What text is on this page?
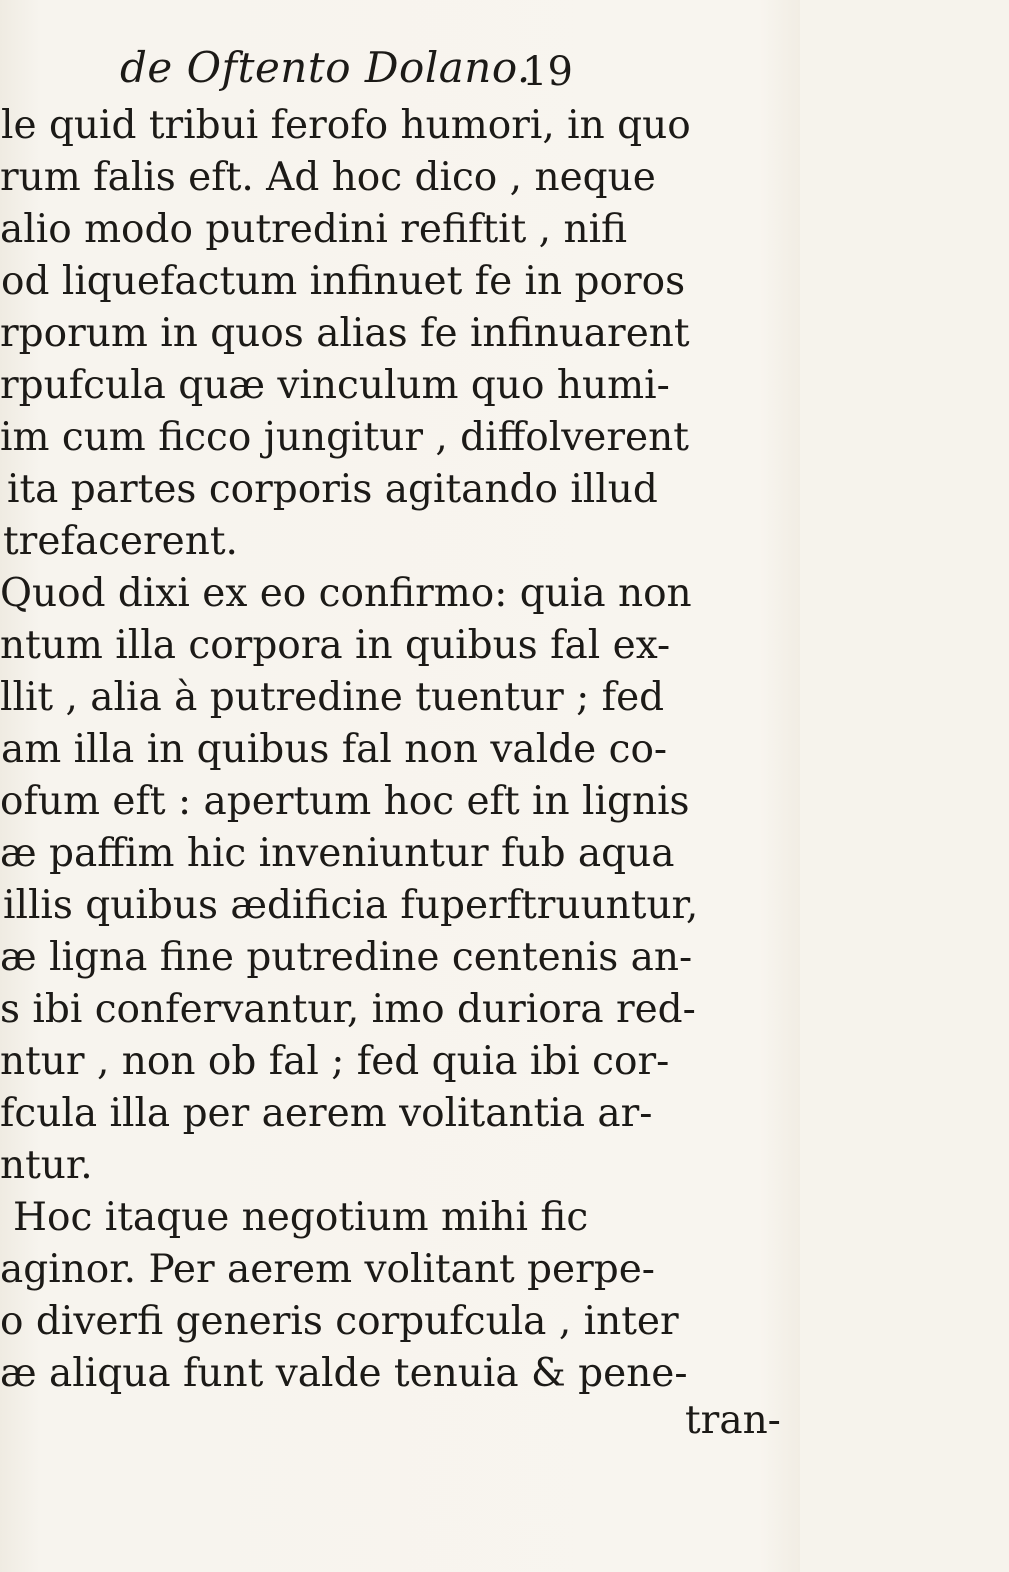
de Oftento Dolano.
19
le quid tribui ferofo humori, in quo
rum falis eft. Ad hoc dico , neque
alio modo putredini refiftit , nifi
od liquefactum infinuet fe in poros
rporum in quos alias fe infinuarent
rpufcula quæ vinculum quo humi-
im cum ficco jungitur , diffolverent
ita partes corporis agitando illud
trefacerent.
Quod dixi ex eo confirmo: quia non
ntum illa corpora in quibus fal ex-
llit , alia à putredine tuentur ; fed
am illa in quibus fal non valde co-
ofum eft : apertum hoc eft in lignis
æ paffim hic inveniuntur fub aqua
illis quibus ædificia fuperftruuntur,
æ ligna fine putredine centenis an-
s ibi confervantur, imo duriora red-
ntur , non ob fal ; fed quia ibi cor-
fcula illa per aerem volitantia ar-
ntur.
Hoc itaque negotium mihi fic
aginor. Per aerem volitant perpe-
o diverfi generis corpufcula , inter
æ aliqua funt valde tenuia & pene-
tran-
